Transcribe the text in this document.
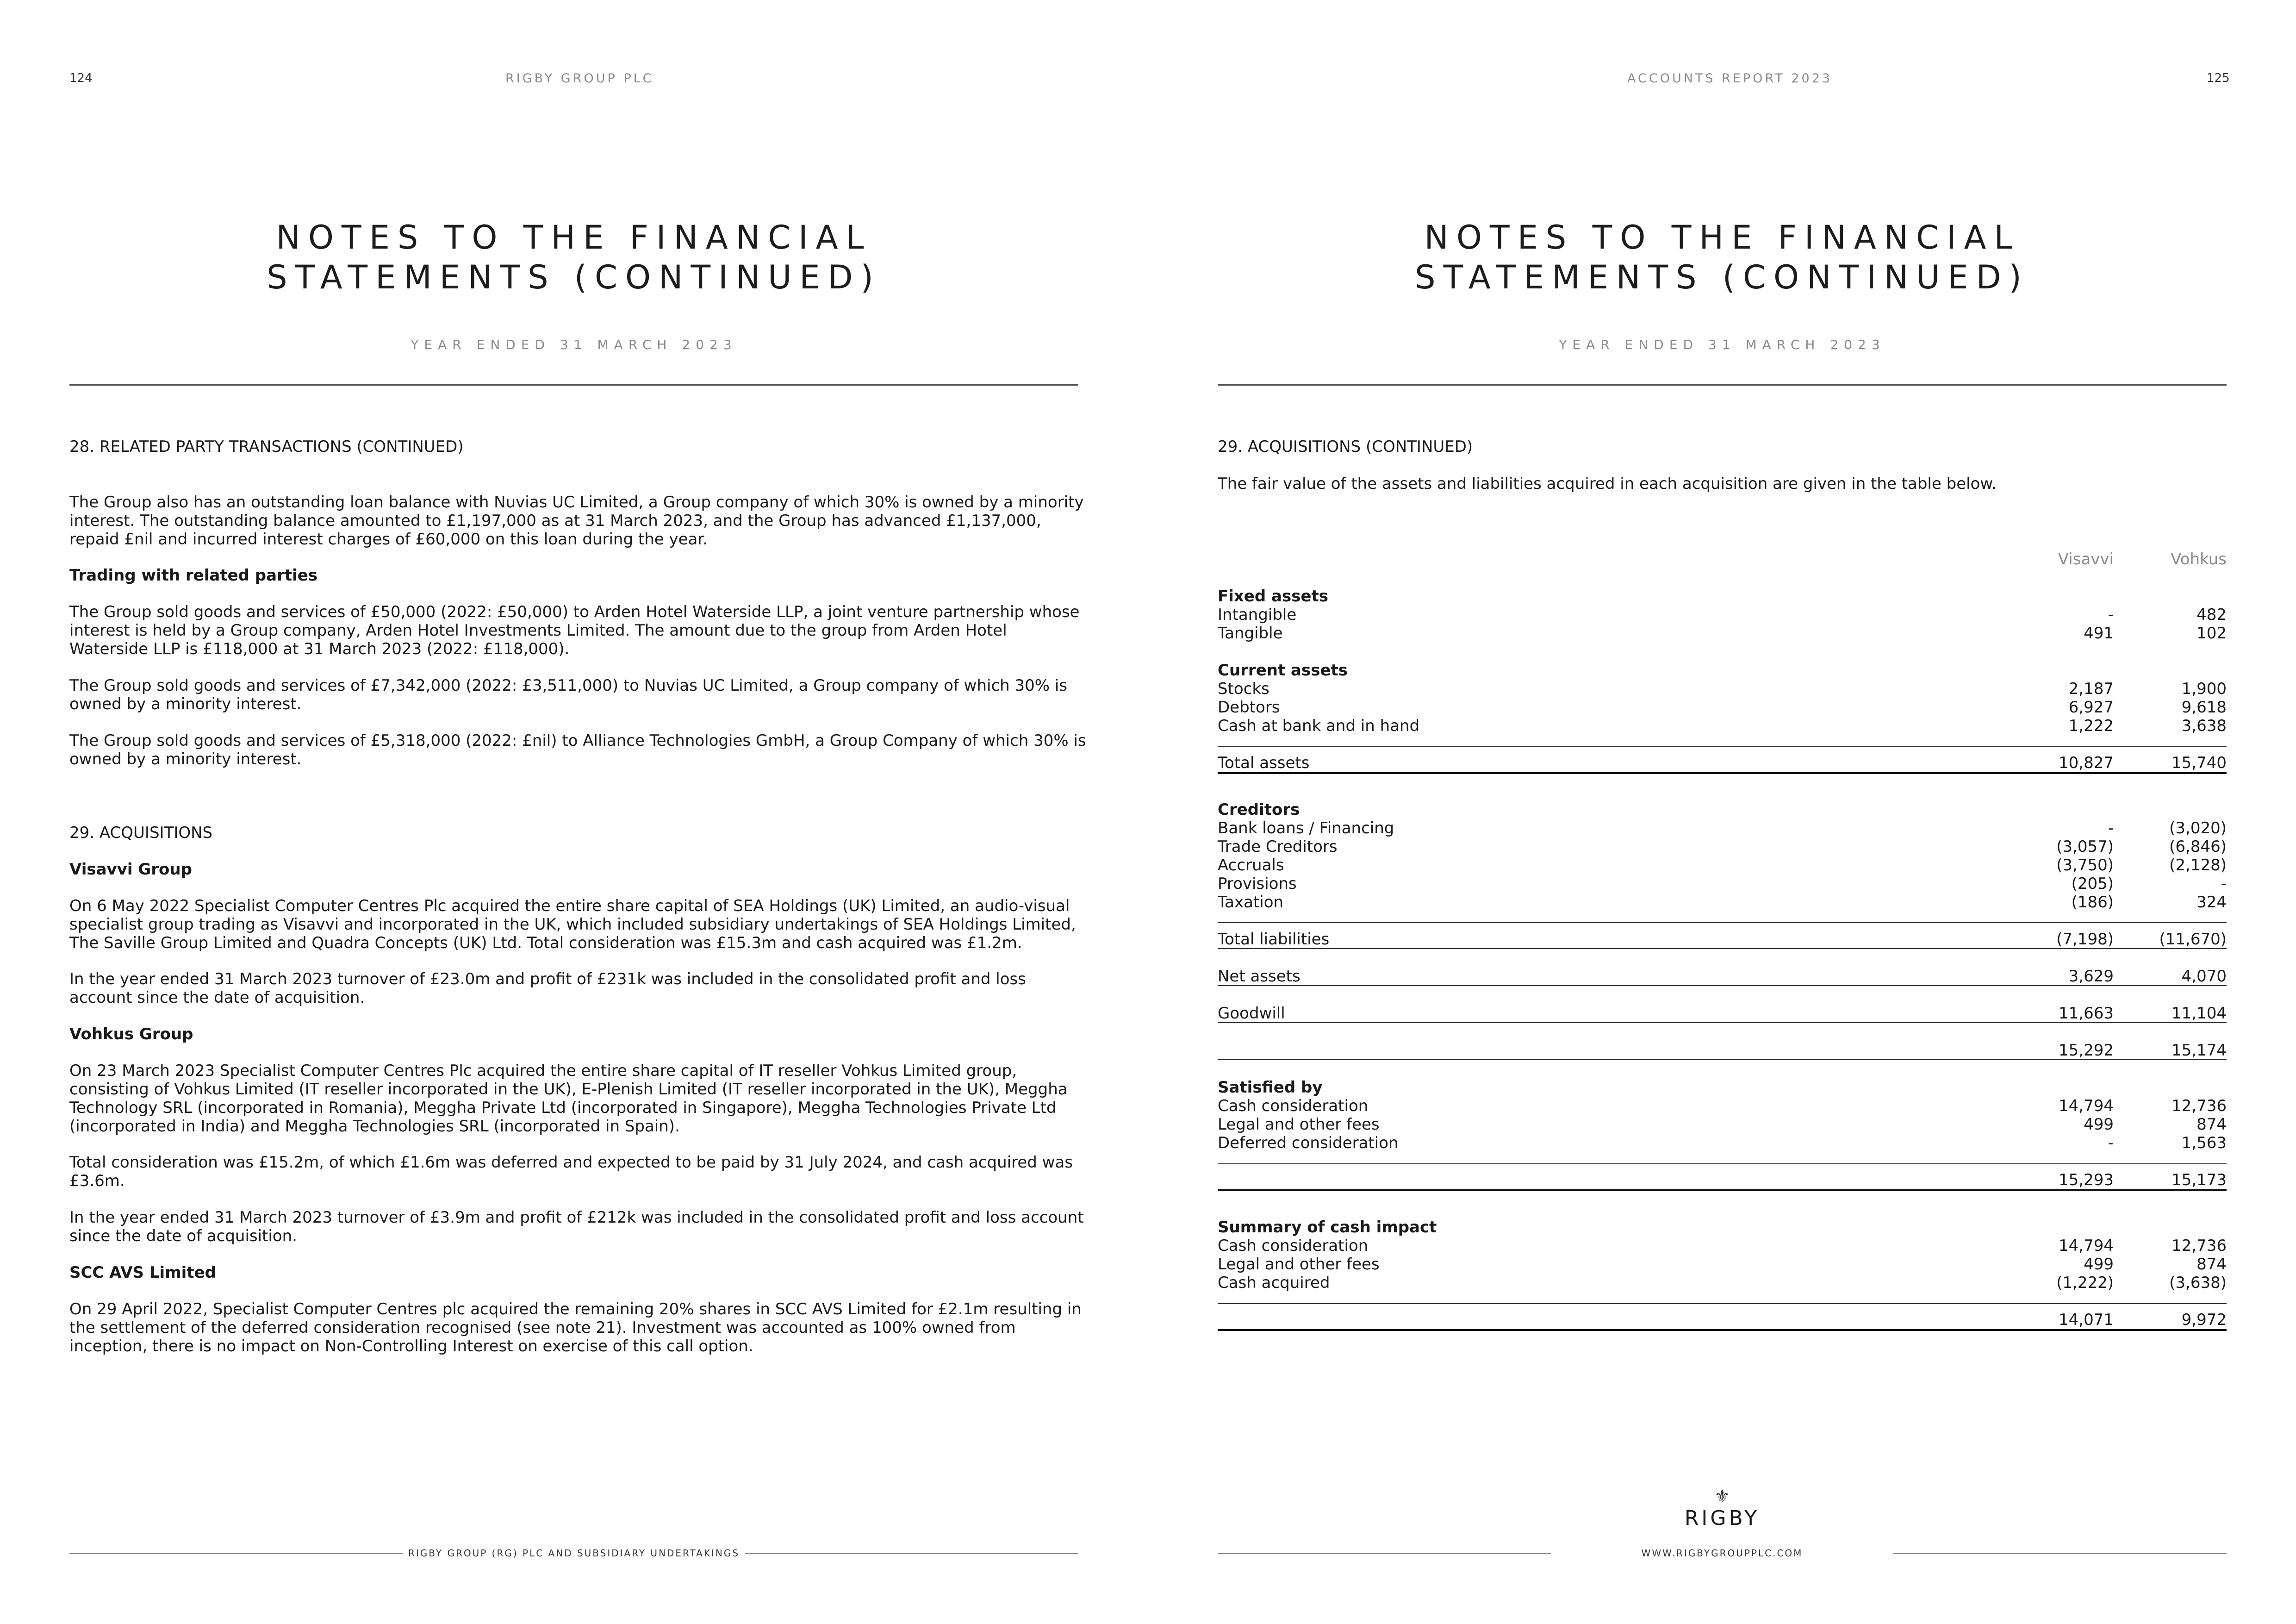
124	RIGBY GROUP PLC
NOTES TO THE FINANCIAL
STATEMENTS (CONTINUED)
YEAR ENDED 31 MARCH 2023

28. RELATED PARTY TRANSACTIONS (CONTINUED)

The Group also has an outstanding loan balance with Nuvias UC Limited, a Group company of which 30% is owned by a minority interest. The outstanding balance amounted to £1,197,000 as at 31 March 2023, and the Group has advanced £1,137,000, repaid £nil and incurred interest charges of £60,000 on this loan during the year.

Trading with related parties

The Group sold goods and services of £50,000 (2022: £50,000) to Arden Hotel Waterside LLP, a joint venture partnership whose interest is held by a Group company, Arden Hotel Investments Limited. The amount due to the group from Arden Hotel Waterside LLP is £118,000 at 31 March 2023 (2022: £118,000).

The Group sold goods and services of £7,342,000 (2022: £3,511,000) to Nuvias UC Limited, a Group company of which 30% is owned by a minority interest.

The Group sold goods and services of £5,318,000 (2022: £nil) to Alliance Technologies GmbH, a Group Company of which 30% is owned by a minority interest.

29. ACQUISITIONS

Visavvi Group

On 6 May 2022 Specialist Computer Centres Plc acquired the entire share capital of SEA Holdings (UK) Limited, an audio-visual specialist group trading as Visavvi and incorporated in the UK, which included subsidiary undertakings of SEA Holdings Limited, The Saville Group Limited and Quadra Concepts (UK) Ltd. Total consideration was £15.3m and cash acquired was £1.2m.

In the year ended 31 March 2023 turnover of £23.0m and profit of £231k was included in the consolidated profit and loss account since the date of acquisition.

Vohkus Group

On 23 March 2023 Specialist Computer Centres Plc acquired the entire share capital of IT reseller Vohkus Limited group, consisting of Vohkus Limited (IT reseller incorporated in the UK), E-Plenish Limited (IT reseller incorporated in the UK), Meggha Technology SRL (incorporated in Romania), Meggha Private Ltd (incorporated in Singapore), Meggha Technologies Private Ltd (incorporated in India) and Meggha Technologies SRL (incorporated in Spain).

Total consideration was £15.2m, of which £1.6m was deferred and expected to be paid by 31 July 2024, and cash acquired was £3.6m.

In the year ended 31 March 2023 turnover of £3.9m and profit of £212k was included in the consolidated profit and loss account since the date of acquisition.

SCC AVS Limited

On 29 April 2022, Specialist Computer Centres plc acquired the remaining 20% shares in SCC AVS Limited for £2.1m resulting in the settlement of the deferred consideration recognised (see note 21). Investment was accounted as 100% owned from inception, there is no impact on Non-Controlling Interest on exercise of this call option.

RIGBY GROUP (RG) PLC AND SUBSIDIARY UNDERTAKINGS
ACCOUNTS REPORT 2023	125
NOTES TO THE FINANCIAL
STATEMENTS (CONTINUED)
YEAR ENDED 31 MARCH 2023

29. ACQUISITIONS (CONTINUED)

The fair value of the assets and liabilities acquired in each acquisition are given in the table below.

Visavvi	Vohkus
⚜
RIGBY
WWW.RIGBYGROUPPLC.COM
Fixed assets
Intangible	-	482
Tangible	491	102
Current assets
Stocks	2,187	1,900
Debtors	6,927	9,618
Cash at bank and in hand	1,222	3,638
Total assets	10,827	15,740
Creditors
Bank loans / Financing	-	(3,020)
Trade Creditors	(3,057)	(6,846)
Accruals	(3,750)	(2,128)
Provisions	(205)	-
Taxation	(186)	324
Total liabilities	(7,198)	(11,670)
Net assets	3,629	4,070
Goodwill	11,663	11,104
15,292	15,174
Satisfied by
Cash consideration	14,794	12,736
Legal and other fees	499	874
Deferred consideration	-	1,563
15,293	15,173
Summary of cash impact
Cash consideration	14,794	12,736
Legal and other fees	499	874
Cash acquired	(1,222)	(3,638)
14,071	9,972
